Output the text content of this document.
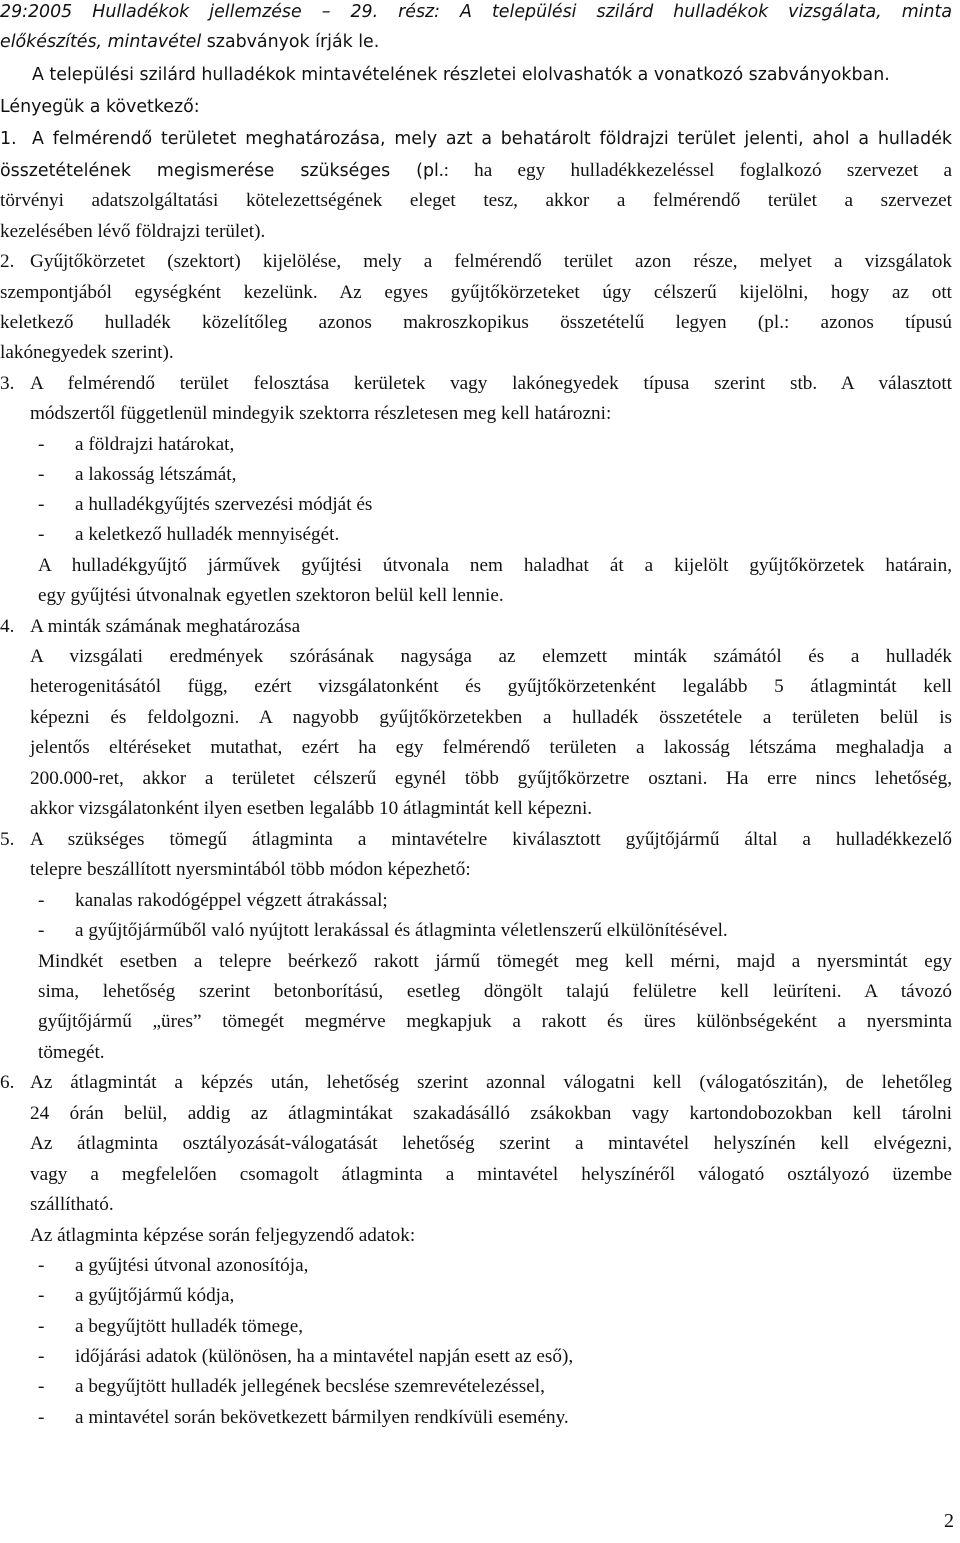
29:2005 Hulladékok jellemzése – 29. rész: A települési szilárd hulladékok vizsgálata, minta
előkészítés, mintavétel szabványok írják le.
A települési szilárd hulladékok mintavételének részletei elolvashatók a vonatkozó szabványokban.
Lényegük a következő:
1. A felmérendő területet meghatározása, mely azt a behatárolt földrajzi terület jelenti, ahol a hulladék
összetételének megismerése szükséges (pl.: ha egy hulladékkezeléssel foglalkozó szervezet a
törvényi adatszolgáltatási kötelezettségének eleget tesz, akkor a felmérendő terület a szervezet
kezelésében lévő földrajzi terület).
2. Gyűjtőkörzetet (szektort) kijelölése, mely a felmérendő terület azon része, melyet a vizsgálatok
szempontjából egységként kezelünk. Az egyes gyűjtőkörzeteket úgy célszerű kijelölni, hogy az ott
keletkező hulladék közelítőleg azonos makroszkopikus összetételű legyen (pl.: azonos típusú
lakónegyedek szerint).
3. A felmérendő terület felosztása kerületek vagy lakónegyedek típusa szerint stb. A választott
módszertől függetlenül mindegyik szektorra részletesen meg kell határozni:
- a földrajzi határokat,
- a lakosság létszámát,
- a hulladékgyűjtés szervezési módját és
- a keletkező hulladék mennyiségét.
A hulladékgyűjtő járművek gyűjtési útvonala nem haladhat át a kijelölt gyűjtőkörzetek határain,
egy gyűjtési útvonalnak egyetlen szektoron belül kell lennie.
4. A minták számának meghatározása
A vizsgálati eredmények szórásának nagysága az elemzett minták számától és a hulladék
heterogenitásától függ, ezért vizsgálatonként és gyűjtőkörzetenként legalább 5 átlagmintát kell
képezni és feldolgozni. A nagyobb gyűjtőkörzetekben a hulladék összetétele a területen belül is
jelentős eltéréseket mutathat, ezért ha egy felmérendő területen a lakosság létszáma meghaladja a
200.000-ret, akkor a területet célszerű egynél több gyűjtőkörzetre osztani. Ha erre nincs lehetőség,
akkor vizsgálatonként ilyen esetben legalább 10 átlagmintát kell képezni.
5. A szükséges tömegű átlagminta a mintavételre kiválasztott gyűjtőjármű által a hulladékkezelő
telepre beszállított nyersmintából több módon képezhető:
- kanalas rakodógéppel végzett átrakással;
- a gyűjtőjárműből való nyújtott lerakással és átlagminta véletlenszerű elkülönítésével.
Mindkét esetben a telepre beérkező rakott jármű tömegét meg kell mérni, majd a nyersmintát egy
sima, lehetőség szerint betonborítású, esetleg döngölt talajú felületre kell leüríteni. A távozó
gyűjtőjármű „üres” tömegét megmérve megkapjuk a rakott és üres különbségeként a nyersminta
tömegét.
6. Az átlagmintát a képzés után, lehetőség szerint azonnal válogatni kell (válogatószitán), de lehetőleg
24 órán belül, addig az átlagmintákat szakadásálló zsákokban vagy kartondobozokban kell tárolni
Az átlagminta osztályozását-válogatását lehetőség szerint a mintavétel helyszínén kell elvégezni,
vagy a megfelelően csomagolt átlagminta a mintavétel helyszínéről válogató osztályozó üzembe
szállítható.
Az átlagminta képzése során feljegyzendő adatok:
- a gyűjtési útvonal azonosítója,
- a gyűjtőjármű kódja,
- a begyűjtött hulladék tömege,
- időjárási adatok (különösen, ha a mintavétel napján esett az eső),
- a begyűjtött hulladék jellegének becslése szemrevételezéssel,
- a mintavétel során bekövetkezett bármilyen rendkívüli esemény.
2
